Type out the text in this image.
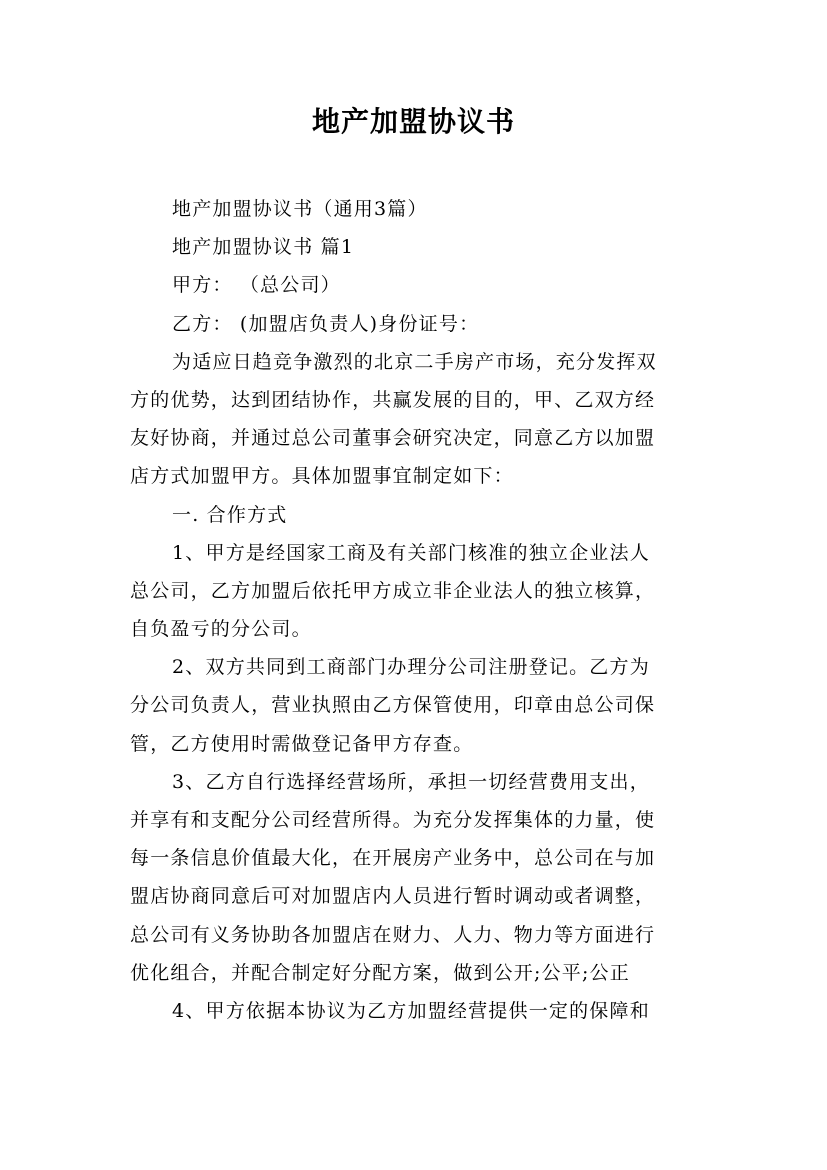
地产加盟协议书
地产加盟协议书（通用3篇）
地产加盟协议书 篇1
甲方： （总公司）
乙方： (加盟店负责人)身份证号：
为适应日趋竞争激烈的北京二手房产市场，充分发挥双
方的优势，达到团结协作，共赢发展的目的，甲、乙双方经
友好协商，并通过总公司董事会研究决定，同意乙方以加盟
店方式加盟甲方。具体加盟事宜制定如下：
一. 合作方式
1、甲方是经国家工商及有关部门核准的独立企业法人
总公司，乙方加盟后依托甲方成立非企业法人的独立核算，
自负盈亏的分公司。
2、双方共同到工商部门办理分公司注册登记。乙方为
分公司负责人，营业执照由乙方保管使用，印章由总公司保
管，乙方使用时需做登记备甲方存查。
3、乙方自行选择经营场所，承担一切经营费用支出，
并享有和支配分公司经营所得。为充分发挥集体的力量，使
每一条信息价值最大化，在开展房产业务中，总公司在与加
盟店协商同意后可对加盟店内人员进行暂时调动或者调整，
总公司有义务协助各加盟店在财力、人力、物力等方面进行
优化组合，并配合制定好分配方案，做到公开;公平;公正
4、甲方依据本协议为乙方加盟经营提供一定的保障和
